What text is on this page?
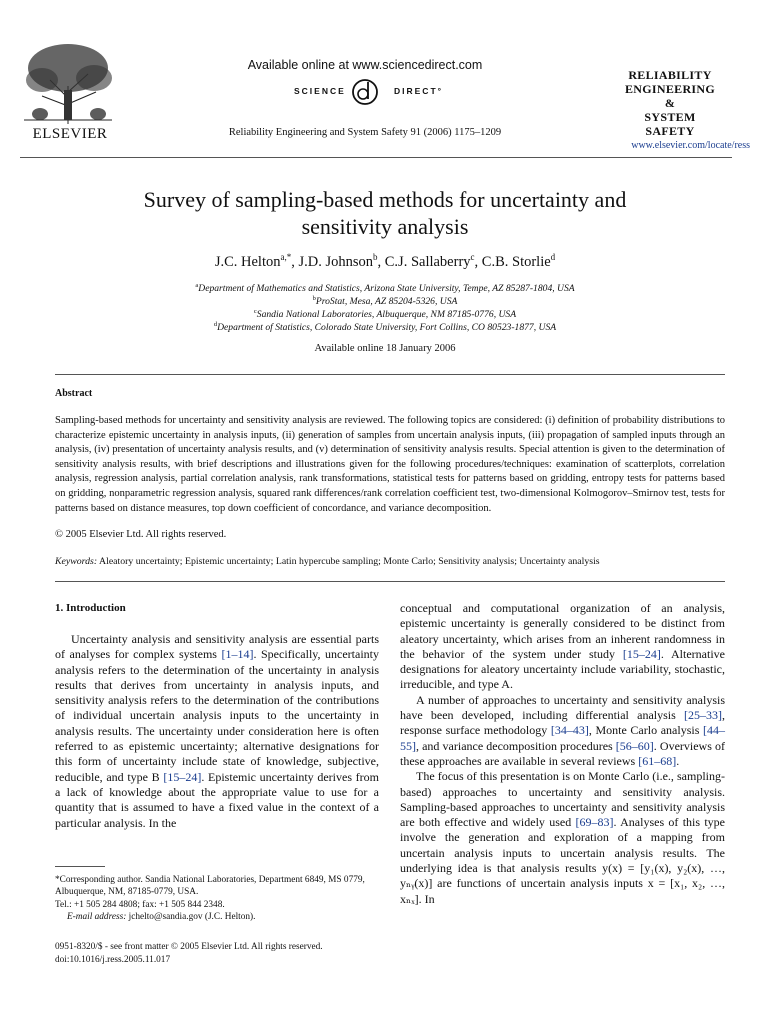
ELSEVIER
Available online at www.sciencedirect.com
SCIENCE	DIRECT°
Reliability Engineering and System Safety 91 (2006) 1175–1209
RELIABILITY
ENGINEERING
&
SYSTEM
SAFETY
www.elsevier.com/locate/ress
Survey of sampling-based methods for uncertainty and
sensitivity analysis
J.C. Helton$^{a,*}$, J.D. Johnson$^b$, C.J. Sallaberry$^c$, C.B. Storlie$^d$
$^a$Department of Mathematics and Statistics, Arizona State University, Tempe, AZ 85287-1804, USA
$^b$ProStat, Mesa, AZ 85204-5326, USA
$^c$Sandia National Laboratories, Albuquerque, NM 87185-0776, USA
$^d$Department of Statistics, Colorado State University, Fort Collins, CO 80523-1877, USA
Available online 18 January 2006
Abstract
Sampling-based methods for uncertainty and sensitivity analysis are reviewed. The following topics are considered: (i) definition of probability distributions to characterize epistemic uncertainty in analysis inputs, (ii) generation of samples from uncertain analysis inputs, (iii) propagation of sampled inputs through an analysis, (iv) presentation of uncertainty analysis results, and (v) determination of sensitivity analysis results. Special attention is given to the determination of sensitivity analysis results, with brief descriptions and illustrations given for the following procedures/techniques: examination of scatterplots, correlation analysis, regression analysis, partial correlation analysis, rank transformations, statistical tests for patterns based on gridding, entropy tests for patterns based on gridding, nonparametric regression analysis, squared rank differences/rank correlation coefficient test, two-dimensional Kolmogorov–Smirnov test, tests for patterns based on distance measures, top down coefficient of concordance, and variance decomposition.
© 2005 Elsevier Ltd. All rights reserved.
Keywords: Aleatory uncertainty; Epistemic uncertainty; Latin hypercube sampling; Monte Carlo; Sensitivity analysis; Uncertainty analysis
1. Introduction

Uncertainty analysis and sensitivity analysis are essential parts of analyses for complex systems [1–14]. Specifically, uncertainty analysis refers to the determination of the uncertainty in analysis results that derives from uncertainty in analysis inputs, and sensitivity analysis refers to the determination of the contributions of individual uncertain analysis inputs to the uncertainty in analysis results. The uncertainty under consideration here is often referred to as epistemic uncertainty; alternative designations for this form of uncertainty include state of knowledge, subjective, reducible, and type B [15–24]. Epistemic uncertainty derives from a lack of knowledge about the appropriate value to use for a quantity that is assumed to have a fixed value in the context of a particular analysis. In the

conceptual and computational organization of an analysis, epistemic uncertainty is generally considered to be distinct from aleatory uncertainty, which arises from an inherent randomness in the behavior of the system under study [15–24]. Alternative designations for aleatory uncertainty include variability, stochastic, irreducible, and type A.

A number of approaches to uncertainty and sensitivity analysis have been developed, including differential analysis [25–33], response surface methodology [34–43], Monte Carlo analysis [44–55], and variance decomposition procedures [56–60]. Overviews of these approaches are available in several reviews [61–68].

The focus of this presentation is on Monte Carlo (i.e., sampling-based) approaches to uncertainty and sensitivity analysis. Sampling-based approaches to uncertainty and sensitivity analysis are both effective and widely used [69–83]. Analyses of this type involve the generation and exploration of a mapping from uncertain analysis inputs to uncertain analysis results. The underlying idea is that analysis results y(x) = [y₁(x), y₂(x), …, yₙᵧ(x)] are functions of uncertain analysis inputs x = [x₁, x₂, …, xₙₓ]. In

*Corresponding author. Sandia National Laboratories, Department 6849, MS 0779, Albuquerque, NM, 87185-0779, USA.
Tel.: +1 505 284 4808; fax: +1 505 844 2348.
E-mail address: jchelto@sandia.gov (J.C. Helton).
0951-8320/$ - see front matter © 2005 Elsevier Ltd. All rights reserved.
doi:10.1016/j.ress.2005.11.017
